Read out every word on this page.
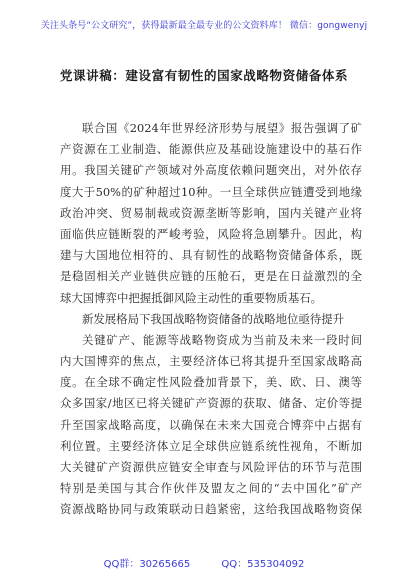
关注头条号“公文研究”，获得最新最全最专业的公文资料库！ 微信：gongwenyj
党课讲稿：建设富有韧性的国家战略物资储备体系
联合国《2024年世界经济形势与展望》报告强调了矿
产资源在工业制造、能源供应及基础设施建设中的基石作
用。我国关键矿产领域对外高度依赖问题突出，对外依存
度大于50%的矿种超过10种。一旦全球供应链遭受到地缘
政治冲突、贸易制裁或资源垄断等影响，国内关键产业将
面临供应链断裂的严峻考验，风险将急剧攀升。因此，构
建与大国地位相符的、具有韧性的战略物资储备体系，既
是稳固相关产业链供应链的压舱石，更是在日益激烈的全
球大国博弈中把握抵御风险主动性的重要物质基石。
新发展格局下我国战略物资储备的战略地位亟待提升
关键矿产、能源等战略物资成为当前及未来一段时间
内大国博弈的焦点，主要经济体已将其提升至国家战略高
度。在全球不确定性风险叠加背景下，美、欧、日、澳等
众多国家/地区已将关键矿产资源的获取、储备、定价等提
升至国家战略高度，以确保在未来大国竞合博弈中占据有
利位置。主要经济体立足全球供应链系统性视角，不断加
大关键矿产资源供应链安全审查与风险评估的环节与范围
特别是美国与其合作伙伴及盟友之间的“去中国化”矿产
资源战略协同与政策联动日趋紧密，这给我国战略物资保
QQ群：30265665	QQ：535304092
